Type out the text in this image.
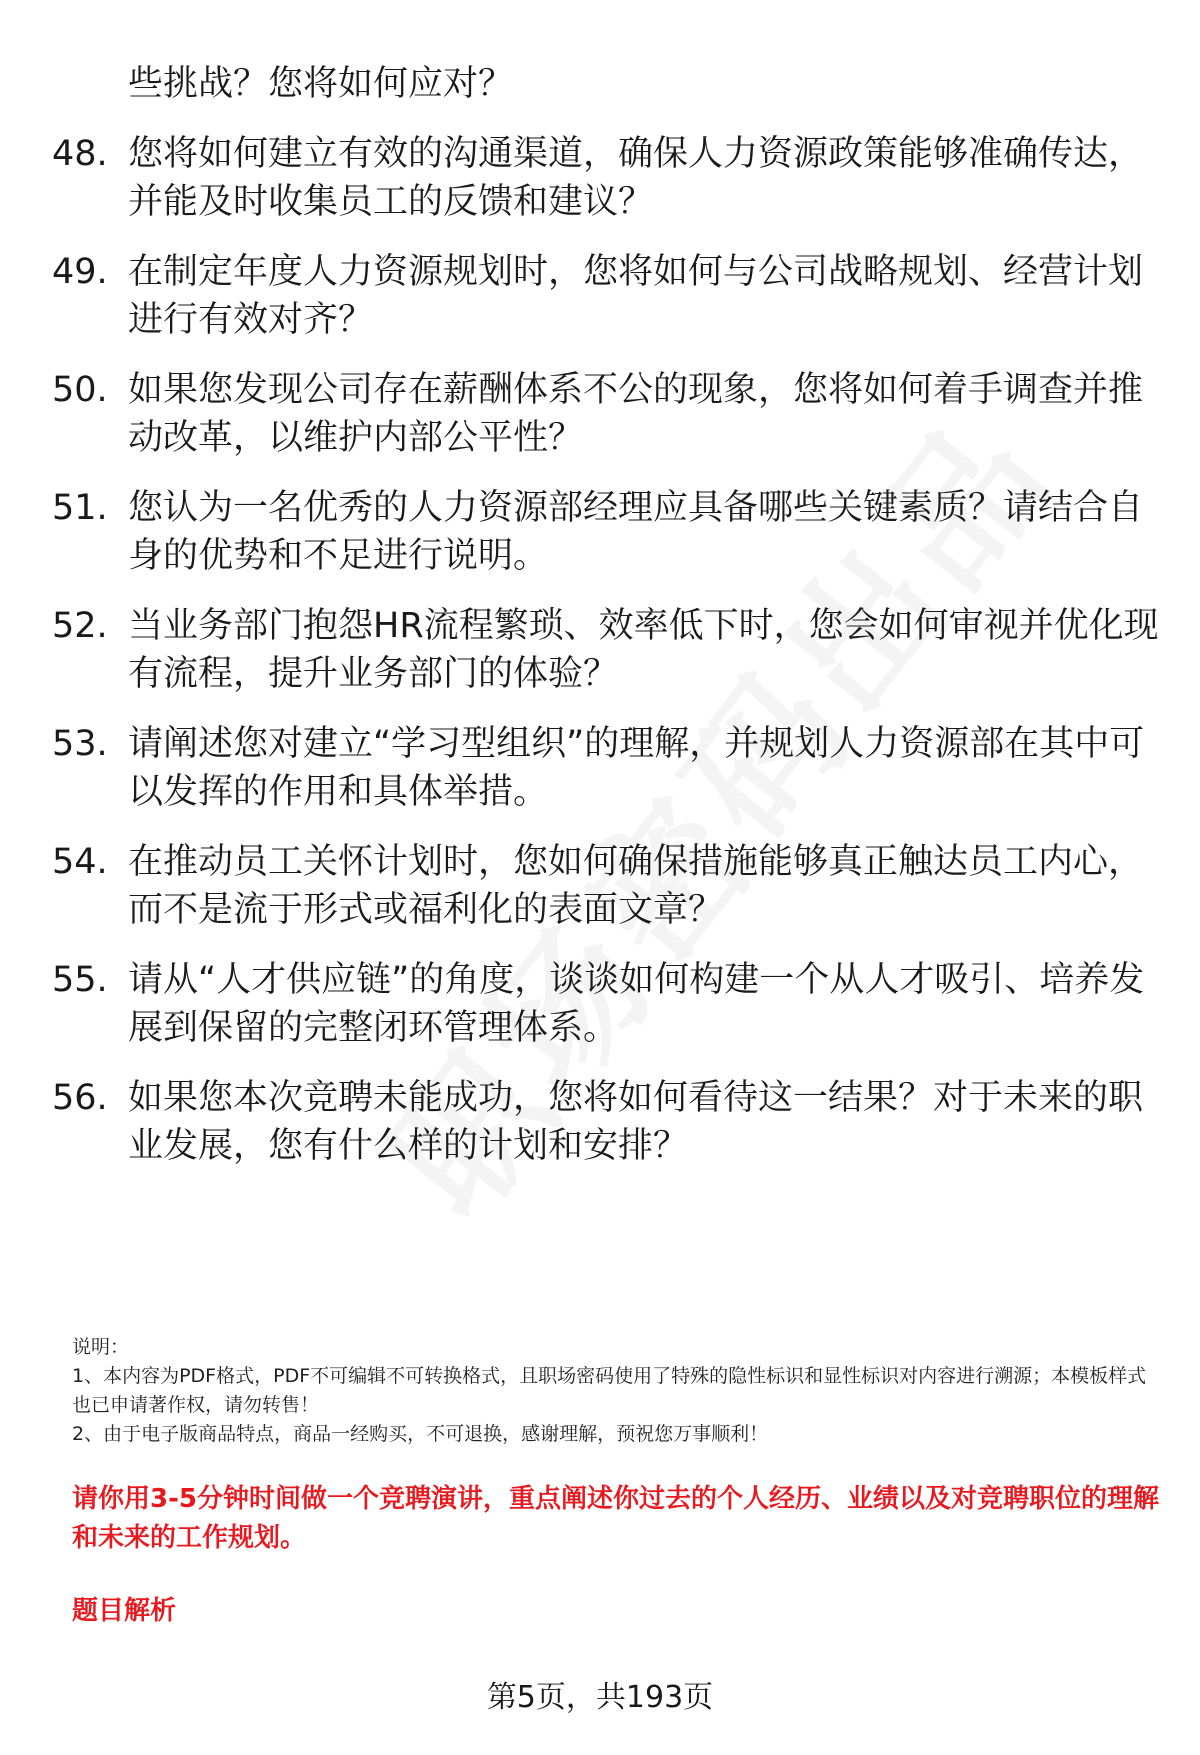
些挑战？您将如何应对？
48. 您将如何建立有效的沟通渠道，确保人力资源政策能够准确传达，并能及时收集员工的反馈和建议？
49. 在制定年度人力资源规划时，您将如何与公司战略规划、经营计划进行有效对齐？
50. 如果您发现公司存在薪酬体系不公的现象，您将如何着手调查并推动改革，以维护内部公平性？
51. 您认为一名优秀的人力资源部经理应具备哪些关键素质？请结合自身的优势和不足进行说明。
52. 当业务部门抱怨HR流程繁琐、效率低下时，您会如何审视并优化现有流程，提升业务部门的体验？
53. 请阐述您对建立“学习型组织”的理解，并规划人力资源部在其中可以发挥的作用和具体举措。
54. 在推动员工关怀计划时，您如何确保措施能够真正触达员工内心，而不是流于形式或福利化的表面文章？
55. 请从“人才供应链”的角度，谈谈如何构建一个从人才吸引、培养发展到保留的完整闭环管理体系。
56. 如果您本次竞聘未能成功，您将如何看待这一结果？对于未来的职业发展，您有什么样的计划和安排？
说明：
1、本内容为PDF格式，PDF不可编辑不可转换格式，且职场密码使用了特殊的隐性标识和显性标识对内容进行溯源；本模板样式也已申请著作权，请勿转售！
2、由于电子版商品特点，商品一经购买，不可退换，感谢理解，预祝您万事顺利！
请你用3-5分钟时间做一个竞聘演讲，重点阐述你过去的个人经历、业绩以及对竞聘职位的理解和未来的工作规划。
题目解析
第5页，共193页
